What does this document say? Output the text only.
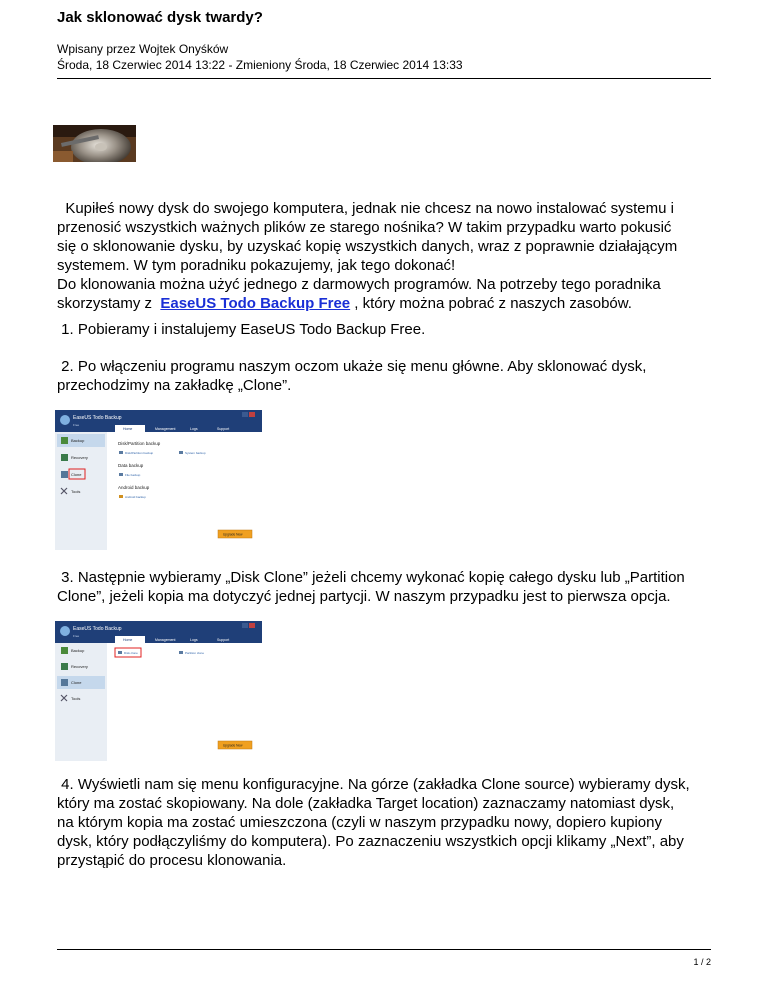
Jak sklonować dysk twardy?
Wpisany przez Wojtek Onyśków
Środa, 18 Czerwiec 2014 13:22 - Zmieniony Środa, 18 Czerwiec 2014 13:33
Kupiłeś nowy dysk do swojego komputera, jednak nie chcesz na nowo instalować systemu i
przenosić wszystkich ważnych plików ze starego nośnika? W takim przypadku warto pokusić
się o sklonowanie dysku, by uzyskać kopię wszystkich danych, wraz z poprawnie działającym
systemem. W tym poradniku pokazujemy, jak tego dokonać!
Do klonowania można użyć jednego z darmowych programów. Na potrzeby tego poradnika
skorzystamy z  EaseUS Todo Backup Free , który można pobrać z naszych zasobów.
1. Pobieramy i instalujemy EaseUS Todo Backup Free.
2. Po włączeniu programu naszym oczom ukaże się menu główne. Aby sklonować dysk,
przechodzimy na zakładkę „Clone”.
EaseUS Todo Backup
Free
Home	Management	Logs	Support
Backup
Recovery
Clone
Tools
Disk/Partition backup
Disk/Partition backup	System backup
Data backup
File backup
Android backup
Android backup
Upgrade Now
3. Następnie wybieramy „Disk Clone” jeżeli chcemy wykonać kopię całego dysku lub „Partition
Clone”, jeżeli kopia ma dotyczyć jednej partycji. W naszym przypadku jest to pierwsza opcja.
EaseUS Todo Backup
Free
Home	Management	Logs	Support
Backup
Recovery
Clone
Tools
Disk clone	Partition clone
Upgrade Now
4. Wyświetli nam się menu konfiguracyjne. Na górze (zakładka Clone source) wybieramy dysk,
który ma zostać skopiowany. Na dole (zakładka Target location) zaznaczamy natomiast dysk,
na którym kopia ma zostać umieszczona (czyli w naszym przypadku nowy, dopiero kupiony
dysk, który podłączyliśmy do komputera). Po zaznaczeniu wszystkich opcji klikamy „Next”, aby
przystąpić do procesu klonowania.
1 / 2
